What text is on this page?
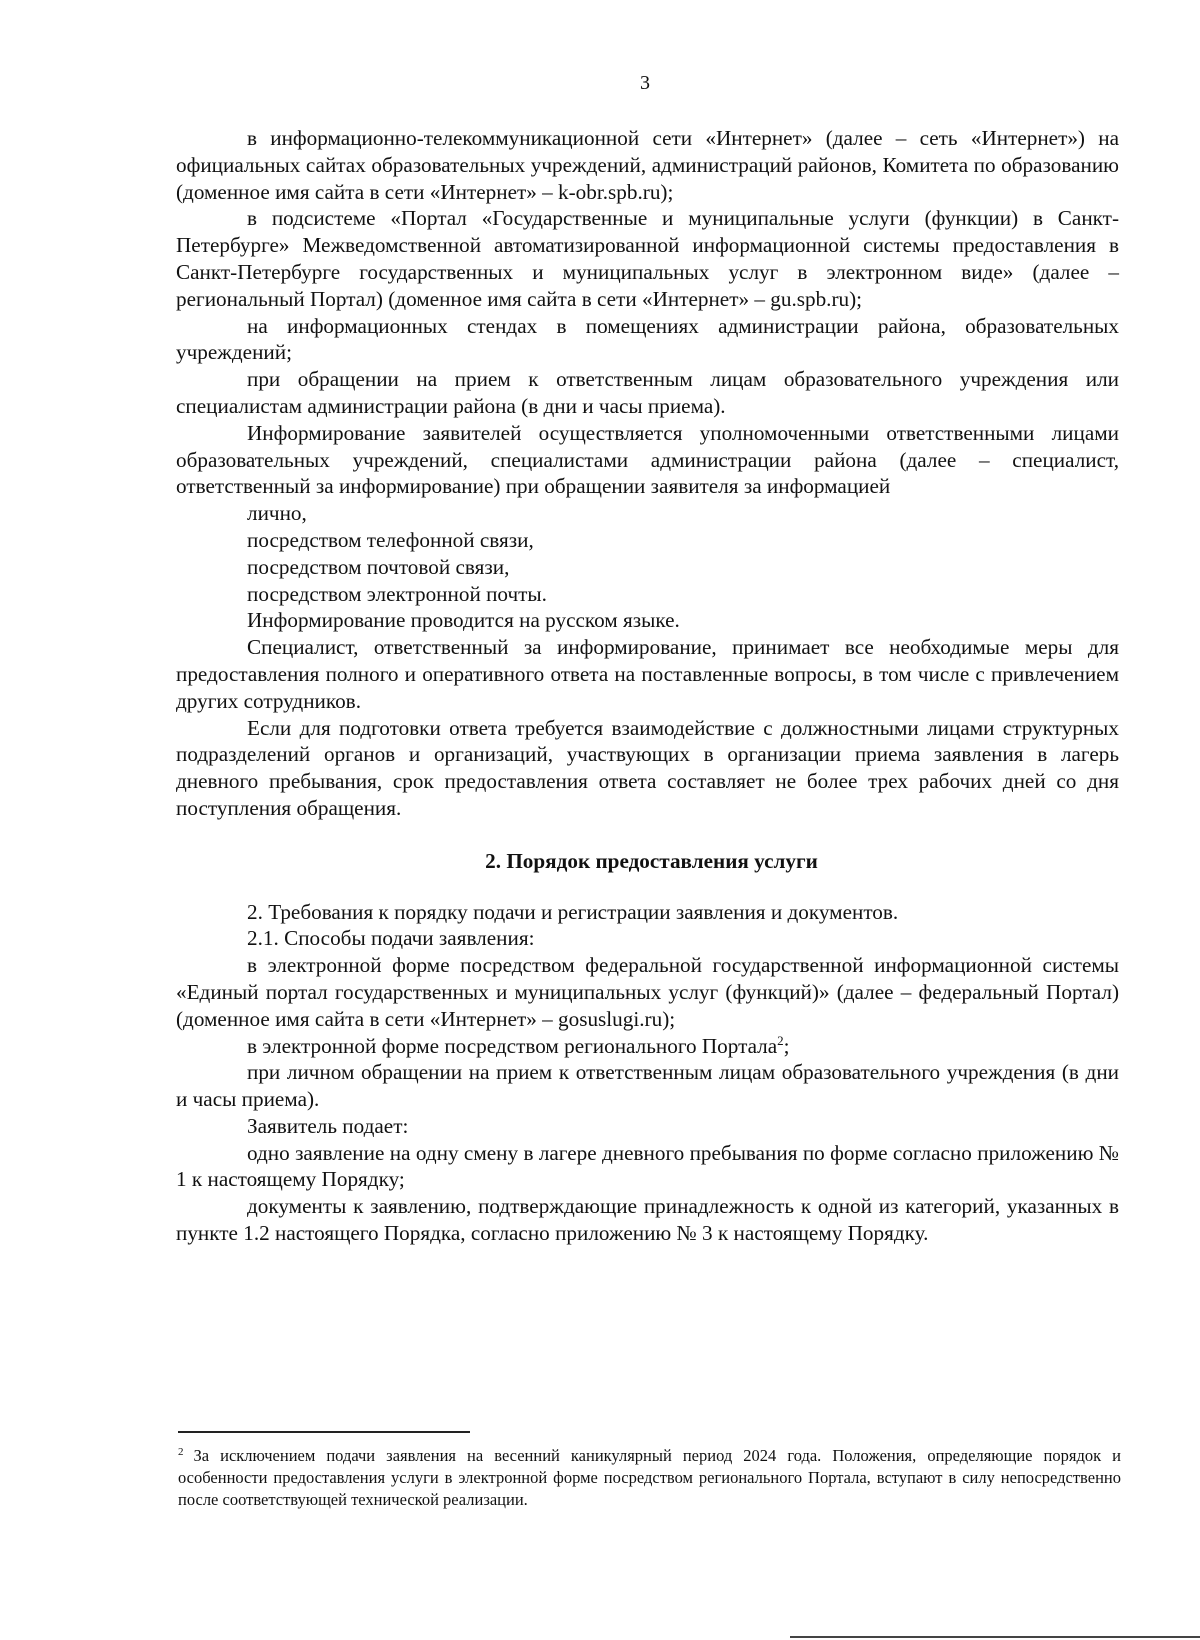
3

в информационно-телекоммуникационной сети «Интернет» (далее – сеть «Интернет») на официальных сайтах образовательных учреждений, администраций районов, Комитета по образованию (доменное имя сайта в сети «Интернет» – k-obr.spb.ru);

в подсистеме «Портал «Государственные и муниципальные услуги (функции) в Санкт-Петербурге» Межведомственной автоматизированной информационной системы предоставления в Санкт-Петербурге государственных и муниципальных услуг в электронном виде» (далее – региональный Портал) (доменное имя сайта в сети «Интернет» – gu.spb.ru);

на информационных стендах в помещениях администрации района, образовательных учреждений;

при обращении на прием к ответственным лицам образовательного учреждения или специалистам администрации района (в дни и часы приема).

Информирование заявителей осуществляется уполномоченными ответственными лицами образовательных учреждений, специалистами администрации района (далее – специалист, ответственный за информирование) при обращении заявителя за информацией

лично,

посредством телефонной связи,

посредством почтовой связи,

посредством электронной почты.

Информирование проводится на русском языке.

Специалист, ответственный за информирование, принимает все необходимые меры для предоставления полного и оперативного ответа на поставленные вопросы, в том числе с привлечением других сотрудников.

Если для подготовки ответа требуется взаимодействие с должностными лицами структурных подразделений органов и организаций, участвующих в организации приема заявления в лагерь дневного пребывания, срок предоставления ответа составляет не более трех рабочих дней со дня поступления обращения.

2. Порядок предоставления услуги

2. Требования к порядку подачи и регистрации заявления и документов.

2.1. Способы подачи заявления:

в электронной форме посредством федеральной государственной информационной системы «Единый портал государственных и муниципальных услуг (функций)» (далее – федеральный Портал) (доменное имя сайта в сети «Интернет» – gosuslugi.ru);

в электронной форме посредством регионального Портала$^2$;

при личном обращении на прием к ответственным лицам образовательного учреждения (в дни и часы приема).

Заявитель подает:

одно заявление на одну смену в лагере дневного пребывания по форме согласно приложению № 1 к настоящему Порядку;

документы к заявлению, подтверждающие принадлежность к одной из категорий, указанных в пункте 1.2 настоящего Порядка, согласно приложению № 3 к настоящему Порядку.

$^2$ За исключением подачи заявления на весенний каникулярный период 2024 года. Положения, определяющие порядок и особенности предоставления услуги в электронной форме посредством регионального Портала, вступают в силу непосредственно после соответствующей технической реализации.
